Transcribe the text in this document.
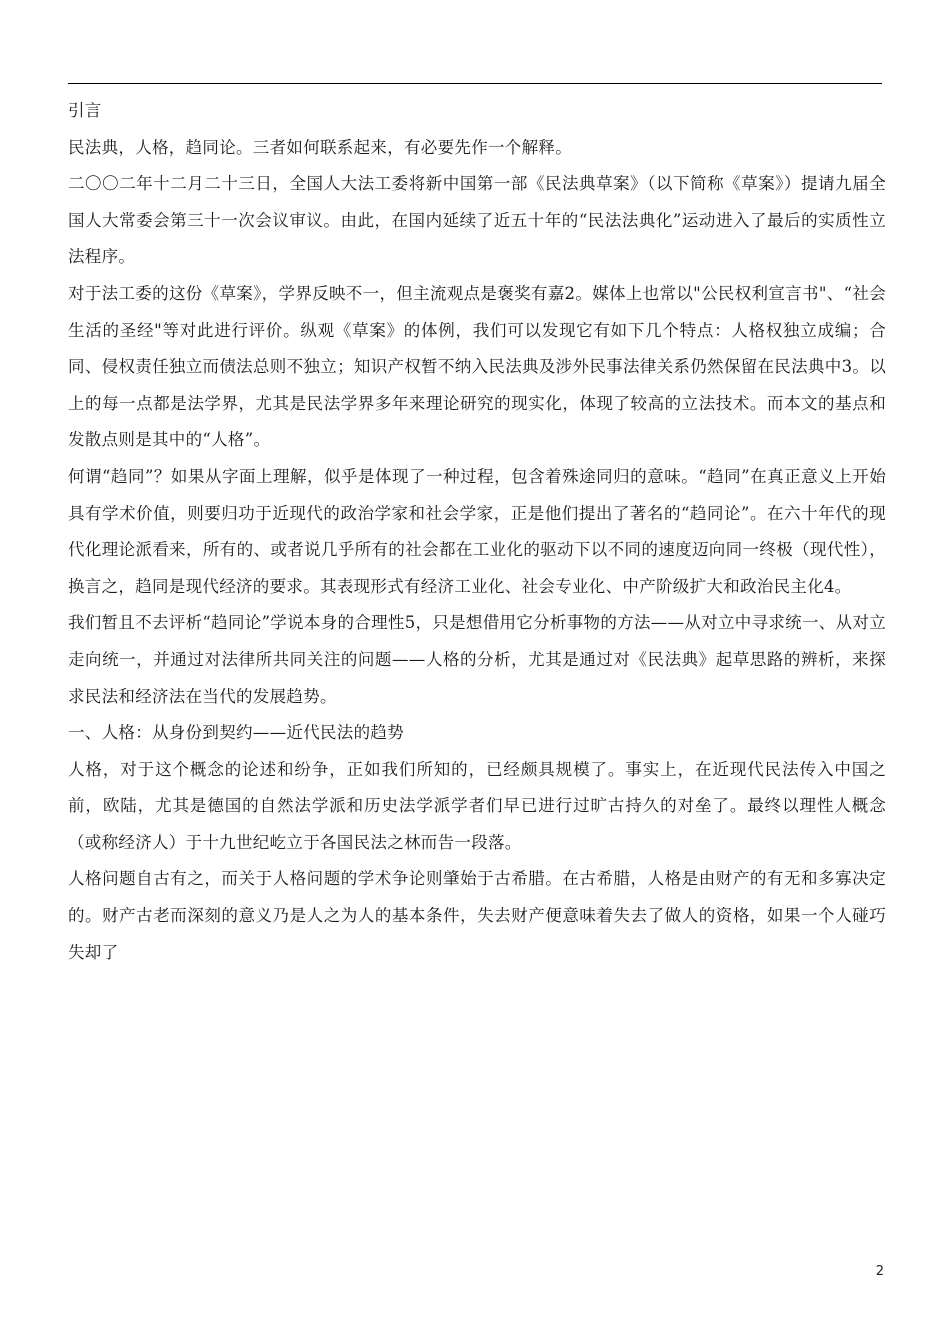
引言

民法典，人格，趋同论。三者如何联系起来，有必要先作一个解释。

二〇〇二年十二月二十三日，全国人大法工委将新中国第一部《民法典草案》（以下简称《草案》）提请九届全国人大常委会第三十一次会议审议。由此，在国内延续了近五十年的“民法法典化”运动进入了最后的实质性立法程序。

对于法工委的这份《草案》，学界反映不一，但主流观点是褒奖有嘉2。媒体上也常以"公民权利宣言书"、“社会生活的圣经"等对此进行评价。纵观《草案》的体例，我们可以发现它有如下几个特点：人格权独立成编；合同、侵权责任独立而债法总则不独立；知识产权暂不纳入民法典及涉外民事法律关系仍然保留在民法典中3。以上的每一点都是法学界，尤其是民法学界多年来理论研究的现实化，体现了较高的立法技术。而本文的基点和发散点则是其中的“人格”。

何谓“趋同”？如果从字面上理解，似乎是体现了一种过程，包含着殊途同归的意味。“趋同”在真正意义上开始具有学术价值，则要归功于近现代的政治学家和社会学家，正是他们提出了著名的“趋同论”。在六十年代的现代化理论派看来，所有的、或者说几乎所有的社会都在工业化的驱动下以不同的速度迈向同一终极（现代性），换言之，趋同是现代经济的要求。其表现形式有经济工业化、社会专业化、中产阶级扩大和政治民主化4。

我们暂且不去评析“趋同论”学说本身的合理性5，只是想借用它分析事物的方法——从对立中寻求统一、从对立走向统一，并通过对法律所共同关注的问题——人格的分析，尤其是通过对《民法典》起草思路的辨析，来探求民法和经济法在当代的发展趋势。

一、人格：从身份到契约——近代民法的趋势

人格，对于这个概念的论述和纷争，正如我们所知的，已经颇具规模了。事实上，在近现代民法传入中国之前，欧陆，尤其是德国的自然法学派和历史法学派学者们早已进行过旷古持久的对垒了。最终以理性人概念（或称经济人）于十九世纪屹立于各国民法之林而告一段落。

人格问题自古有之，而关于人格问题的学术争论则肇始于古希腊。在古希腊，人格是由财产的有无和多寡决定的。财产古老而深刻的意义乃是人之为人的基本条件，失去财产便意味着失去了做人的资格，如果一个人碰巧失却了

2
